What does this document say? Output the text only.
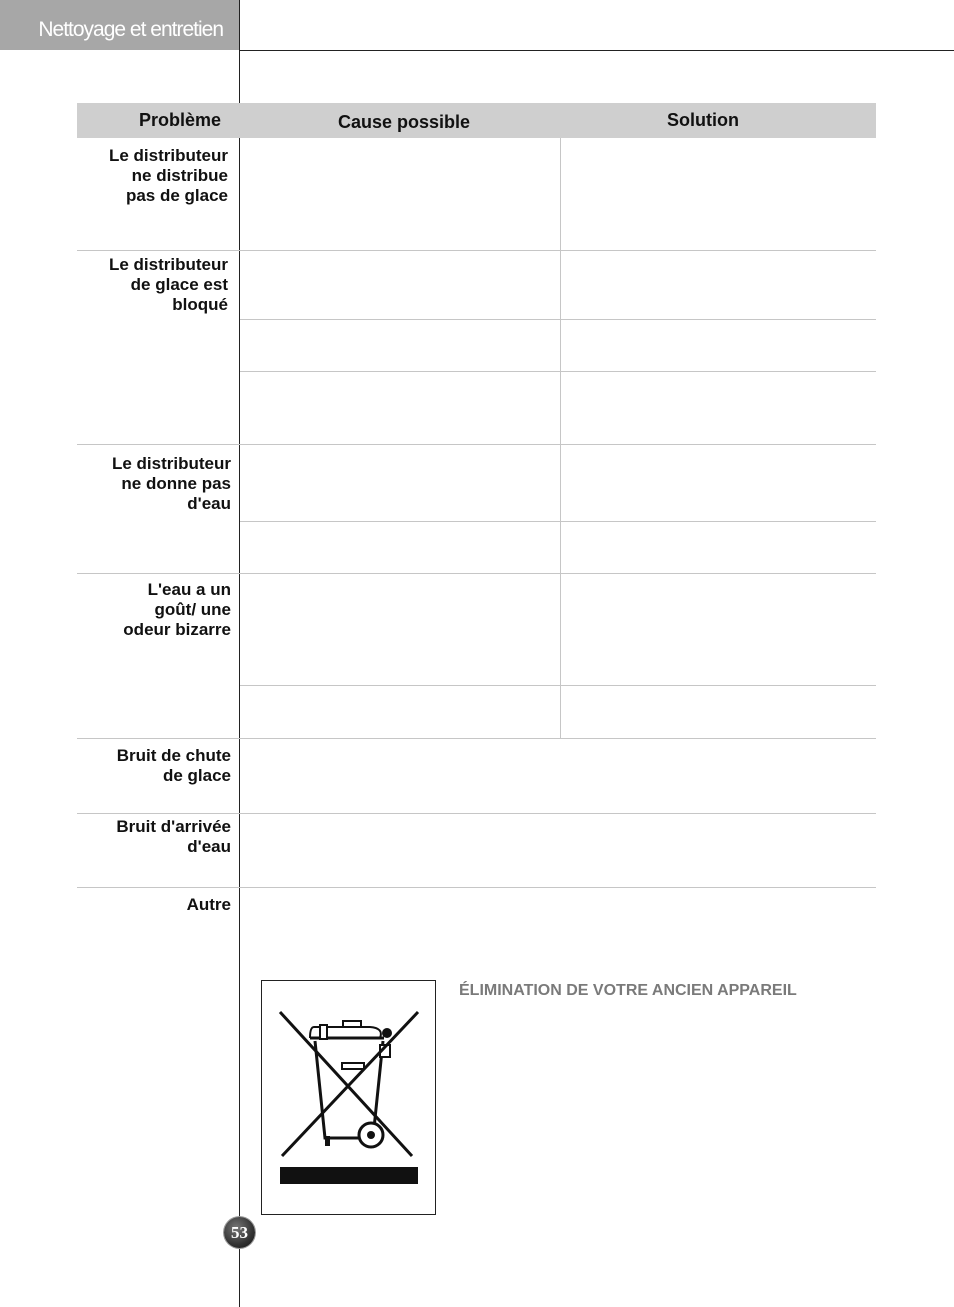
Nettoyage et entretien
Problème	Cause possible	Solution
Le distributeur
ne distribue
pas de glace
Le distributeur
de glace est
bloqué
Le distributeur
ne donne pas
d'eau
L'eau a un
goût/ une
odeur bizarre
Bruit de chute
de glace
Bruit d'arrivée
d'eau
Autre
ÉLIMINATION DE VOTRE ANCIEN APPAREIL
53
